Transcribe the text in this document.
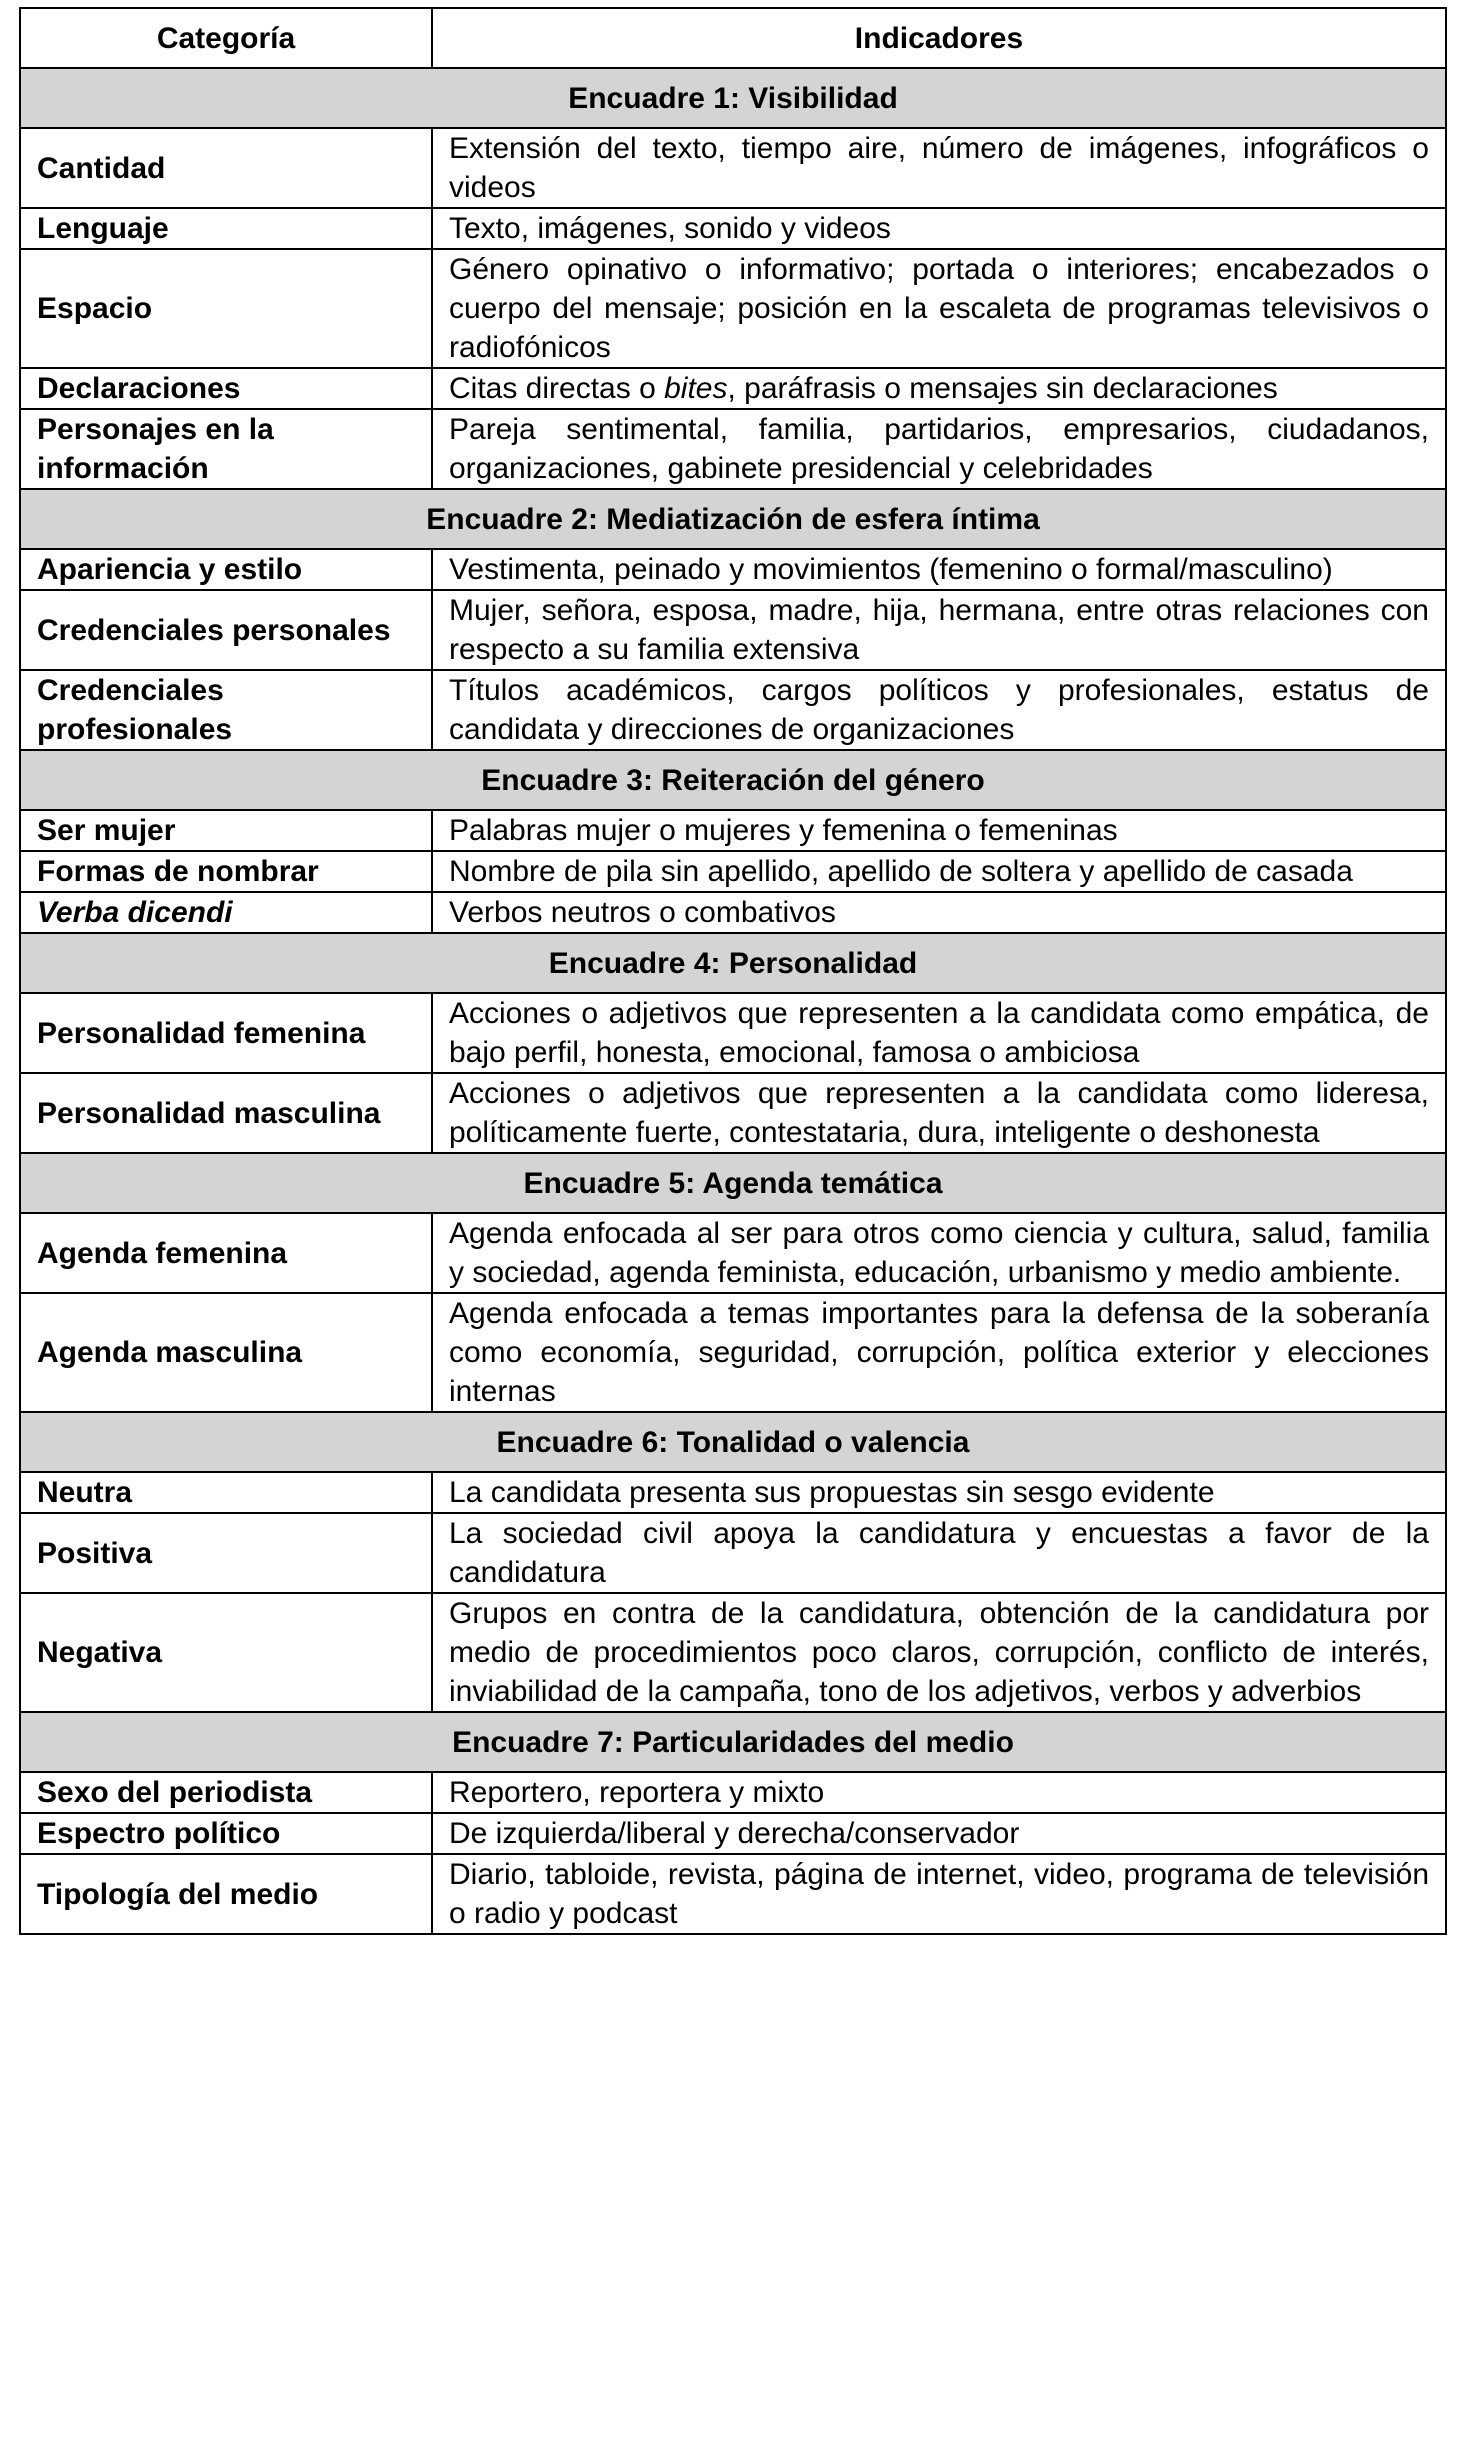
Categoría	Indicadores
Encuadre 1: Visibilidad	
Cantidad	Extensión del texto, tiempo aire, número de imágenes, infográficos o videos
Lenguaje	Texto, imágenes, sonido y videos
Espacio	Género opinativo o informativo; portada o interiores; encabezados o cuerpo del mensaje; posición en la escaleta de programas televisivos o radiofónicos
Declaraciones	Citas directas o bites, paráfrasis o mensajes sin declaraciones
Personajes en la información	Pareja sentimental, familia, partidarios, empresarios, ciudadanos, organizaciones, gabinete presidencial y celebridades
Encuadre 2: Mediatización de esfera íntima	
Apariencia y estilo	Vestimenta, peinado y movimientos (femenino o formal/masculino)
Credenciales personales	Mujer, señora, esposa, madre, hija, hermana, entre otras relaciones con respecto a su familia extensiva
Credenciales profesionales	Títulos académicos, cargos políticos y profesionales, estatus de candidata y direcciones de organizaciones
Encuadre 3: Reiteración del género	
Ser mujer	Palabras mujer o mujeres y femenina o femeninas
Formas de nombrar	Nombre de pila sin apellido, apellido de soltera y apellido de casada
Verba dicendi	Verbos neutros o combativos
Encuadre 4: Personalidad	
Personalidad femenina	Acciones o adjetivos que representen a la candidata como empática, de bajo perfil, honesta, emocional, famosa o ambiciosa
Personalidad masculina	Acciones o adjetivos que representen a la candidata como lideresa, políticamente fuerte, contestataria, dura, inteligente o deshonesta
Encuadre 5: Agenda temática	
Agenda femenina	Agenda enfocada al ser para otros como ciencia y cultura, salud, familia y sociedad, agenda feminista, educación, urbanismo y medio ambiente.
Agenda masculina	Agenda enfocada a temas importantes para la defensa de la soberanía como economía, seguridad, corrupción, política exterior y elecciones internas
Encuadre 6: Tonalidad o valencia	
Neutra	La candidata presenta sus propuestas sin sesgo evidente
Positiva	La sociedad civil apoya la candidatura y encuestas a favor de la candidatura
Negativa	Grupos en contra de la candidatura, obtención de la candidatura por medio de procedimientos poco claros, corrupción, conflicto de interés, inviabilidad de la campaña, tono de los adjetivos, verbos y adverbios
Encuadre 7: Particularidades del medio	
Sexo del periodista	Reportero, reportera y mixto
Espectro político	De izquierda/liberal y derecha/conservador
Tipología del medio	Diario, tabloide, revista, página de internet, video, programa de televisión o radio y podcast
